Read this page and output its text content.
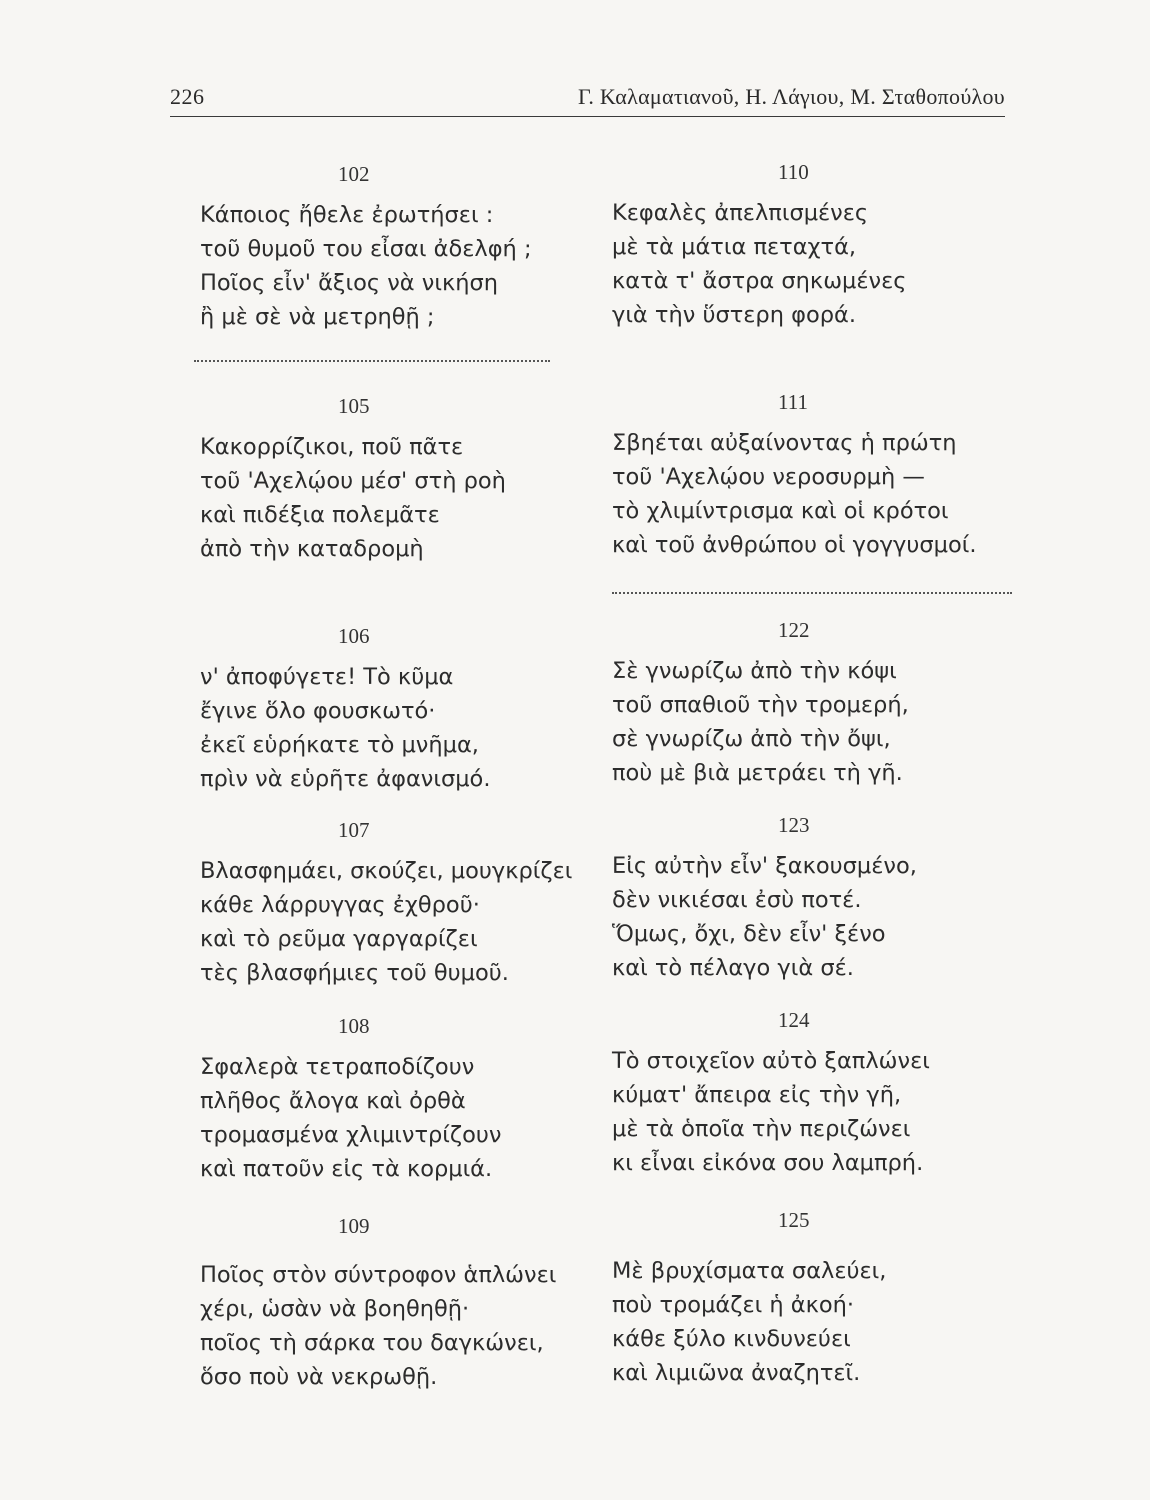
226	Γ. Καλαματιανοῦ, Η. Λάγιου, Μ. Σταθοπούλου
102
Κάποιος ἤθελε ἐρωτήσει :
τοῦ θυμοῦ του εἶσαι ἀδελφή ;
Ποῖος εἶν' ἄξιος νὰ νικήση
ἢ μὲ σὲ νὰ μετρηθῇ ;
105
Κακορρίζικοι, ποῦ πᾶτε
τοῦ 'Αχελῴου μέσ' στὴ ροὴ
καὶ πιδέξια πολεμᾶτε
ἀπὸ τὴν καταδρομὴ
106
ν' ἀποφύγετε! Τὸ κῦμα
ἔγινε ὅλο φουσκωτό·
ἐκεῖ εὑρήκατε τὸ μνῆμα,
πρὶν νὰ εὑρῆτε ἀφανισμό.
107
Βλασφημάει, σκούζει, μουγκρίζει
κάθε λάρρυγγας ἐχθροῦ·
καὶ τὸ ρεῦμα γαργαρίζει
τὲς βλασφήμιες τοῦ θυμοῦ.
108
Σφαλερὰ τετραποδίζουν
πλῆθος ἄλογα καὶ ὀρθὰ
τρομασμένα χλιμιντρίζουν
καὶ πατοῦν εἰς τὰ κορμιά.
109
Ποῖος στὸν σύντροφον ἁπλώνει
χέρι, ὡσὰν νὰ βοηθηθῇ·
ποῖος τὴ σάρκα του δαγκώνει,
ὅσο ποὺ νὰ νεκρωθῇ.
110
Κεφαλὲς ἀπελπισμένες
μὲ τὰ μάτια πεταχτά,
κατὰ τ' ἄστρα σηκωμένες
γιὰ τὴν ὕστερη φορά.
111
Σβηέται αὐξαίνοντας ἡ πρώτη
τοῦ 'Αχελῴου νεροσυρμὴ —
τὸ χλιμίντρισμα καὶ οἱ κρότοι
καὶ τοῦ ἀνθρώπου οἱ γογγυσμοί.
122
Σὲ γνωρίζω ἀπὸ τὴν κόψι
τοῦ σπαθιοῦ τὴν τρομερή,
σὲ γνωρίζω ἀπὸ τὴν ὄψι,
ποὺ μὲ βιὰ μετράει τὴ γῆ.
123
Εἰς αὐτὴν εἶν' ξακουσμένο,
δὲν νικιέσαι ἐσὺ ποτέ.
Ὅμως, ὄχι, δὲν εἶν' ξένο
καὶ τὸ πέλαγο γιὰ σέ.
124
Τὸ στοιχεῖον αὐτὸ ξαπλώνει
κύματ' ἄπειρα εἰς τὴν γῆ,
μὲ τὰ ὁποῖα τὴν περιζώνει
κι εἶναι εἰκόνα σου λαμπρή.
125
Μὲ βρυχίσματα σαλεύει,
ποὺ τρομάζει ἡ ἀκοή·
κάθε ξύλο κινδυνεύει
καὶ λιμιῶνα ἀναζητεῖ.
